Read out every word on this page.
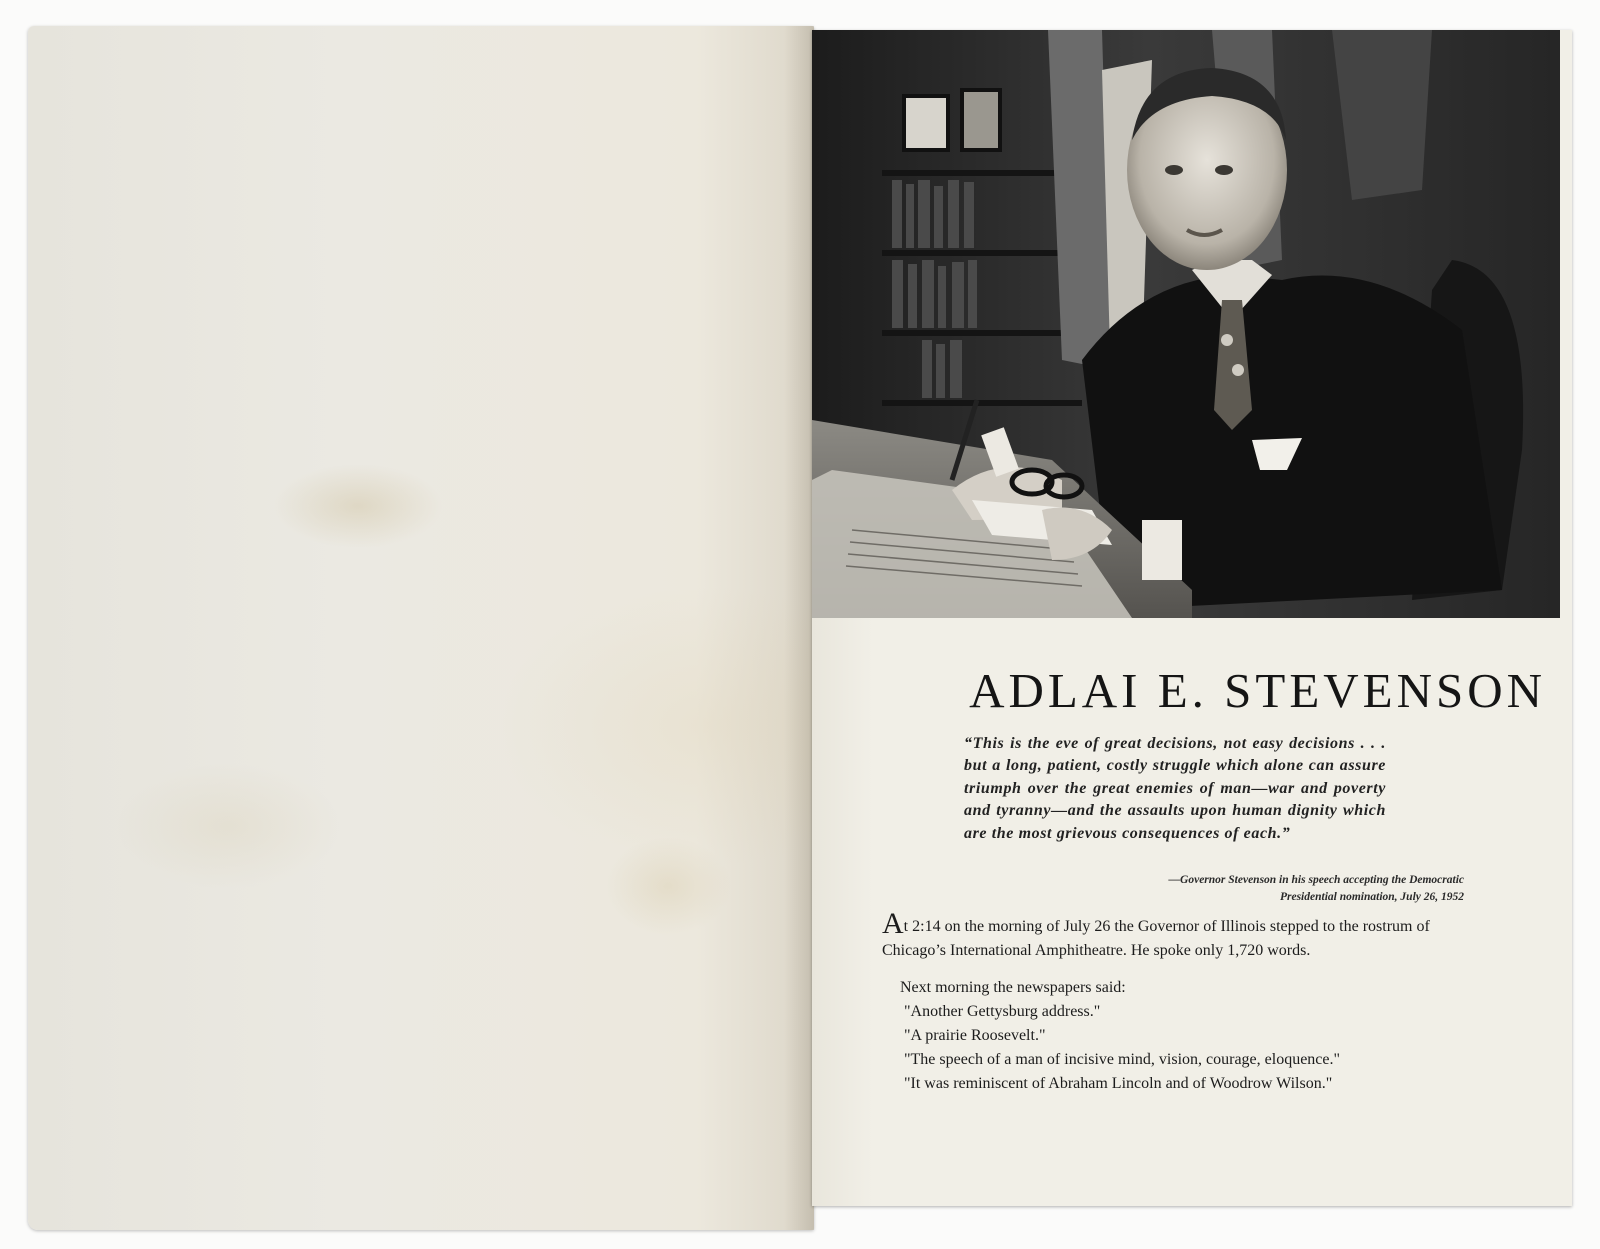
ADLAI E. STEVENSON

“This is the eve of great decisions, not easy decisions . . . but a long, patient, costly struggle which alone can assure triumph over the great enemies of man—war and poverty and tyranny—and the assaults upon human dignity which are the most grievous consequences of each.”

—Governor Stevenson in his speech accepting the Democratic
Presidential nomination, July 26, 1952

At 2:14 on the morning of July 26 the Governor of Illinois stepped to the rostrum of Chicago’s International Amphitheatre. He spoke only 1,720 words.

Next morning the newspapers said:

"Another Gettysburg address."
"A prairie Roosevelt."
"The speech of a man of incisive mind, vision, courage, eloquence."
"It was reminiscent of Abraham Lincoln and of Woodrow Wilson."
